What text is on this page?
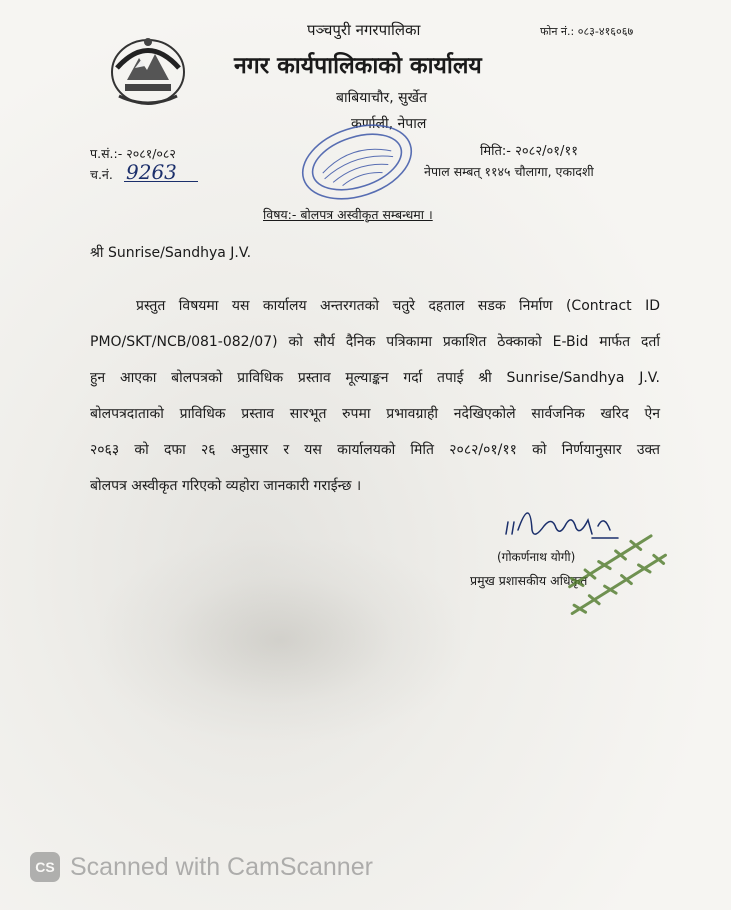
पञ्चपुरी नगरपालिका
नगर कार्यपालिकाको कार्यालय
बाबियाचौर, सुर्खेत
कर्णाली, नेपाल
फोन नं.: ०८३-४१६०६७
प.सं.:- २०८१/०८२
च.नं. 9263
मिति:- २०८२/०१/११
नेपाल सम्बत् ११४५ चौलागा, एकादशी
विषय:- बोलपत्र अस्वीकृत सम्बन्धमा ।
श्री Sunrise/Sandhya J.V.
प्रस्तुत विषयमा यस कार्यालय अन्तरगतको चतुरे दहताल सडक निर्माण (Contract ID
PMO/SKT/NCB/081-082/07) को सौर्य दैनिक पत्रिकामा प्रकाशित ठेक्काको E-Bid मार्फत दर्ता
हुन आएका बोलपत्रको प्राविधिक प्रस्ताव मूल्याङ्कन गर्दा तपाई श्री Sunrise/Sandhya J.V.
बोलपत्रदाताको प्राविधिक प्रस्ताव सारभूत रुपमा प्रभावग्राही नदेखिएकोले सार्वजनिक खरिद ऐन
२०६३ को दफा २६ अनुसार र यस कार्यालयको मिति २०८२/०१/११ को निर्णयानुसार उक्त
बोलपत्र अस्वीकृत गरिएको व्यहोरा जानकारी गराईन्छ ।
(गोकर्णनाथ योगी)
प्रमुख प्रशासकीय अधिकृत
CS Scanned with CamScanner
